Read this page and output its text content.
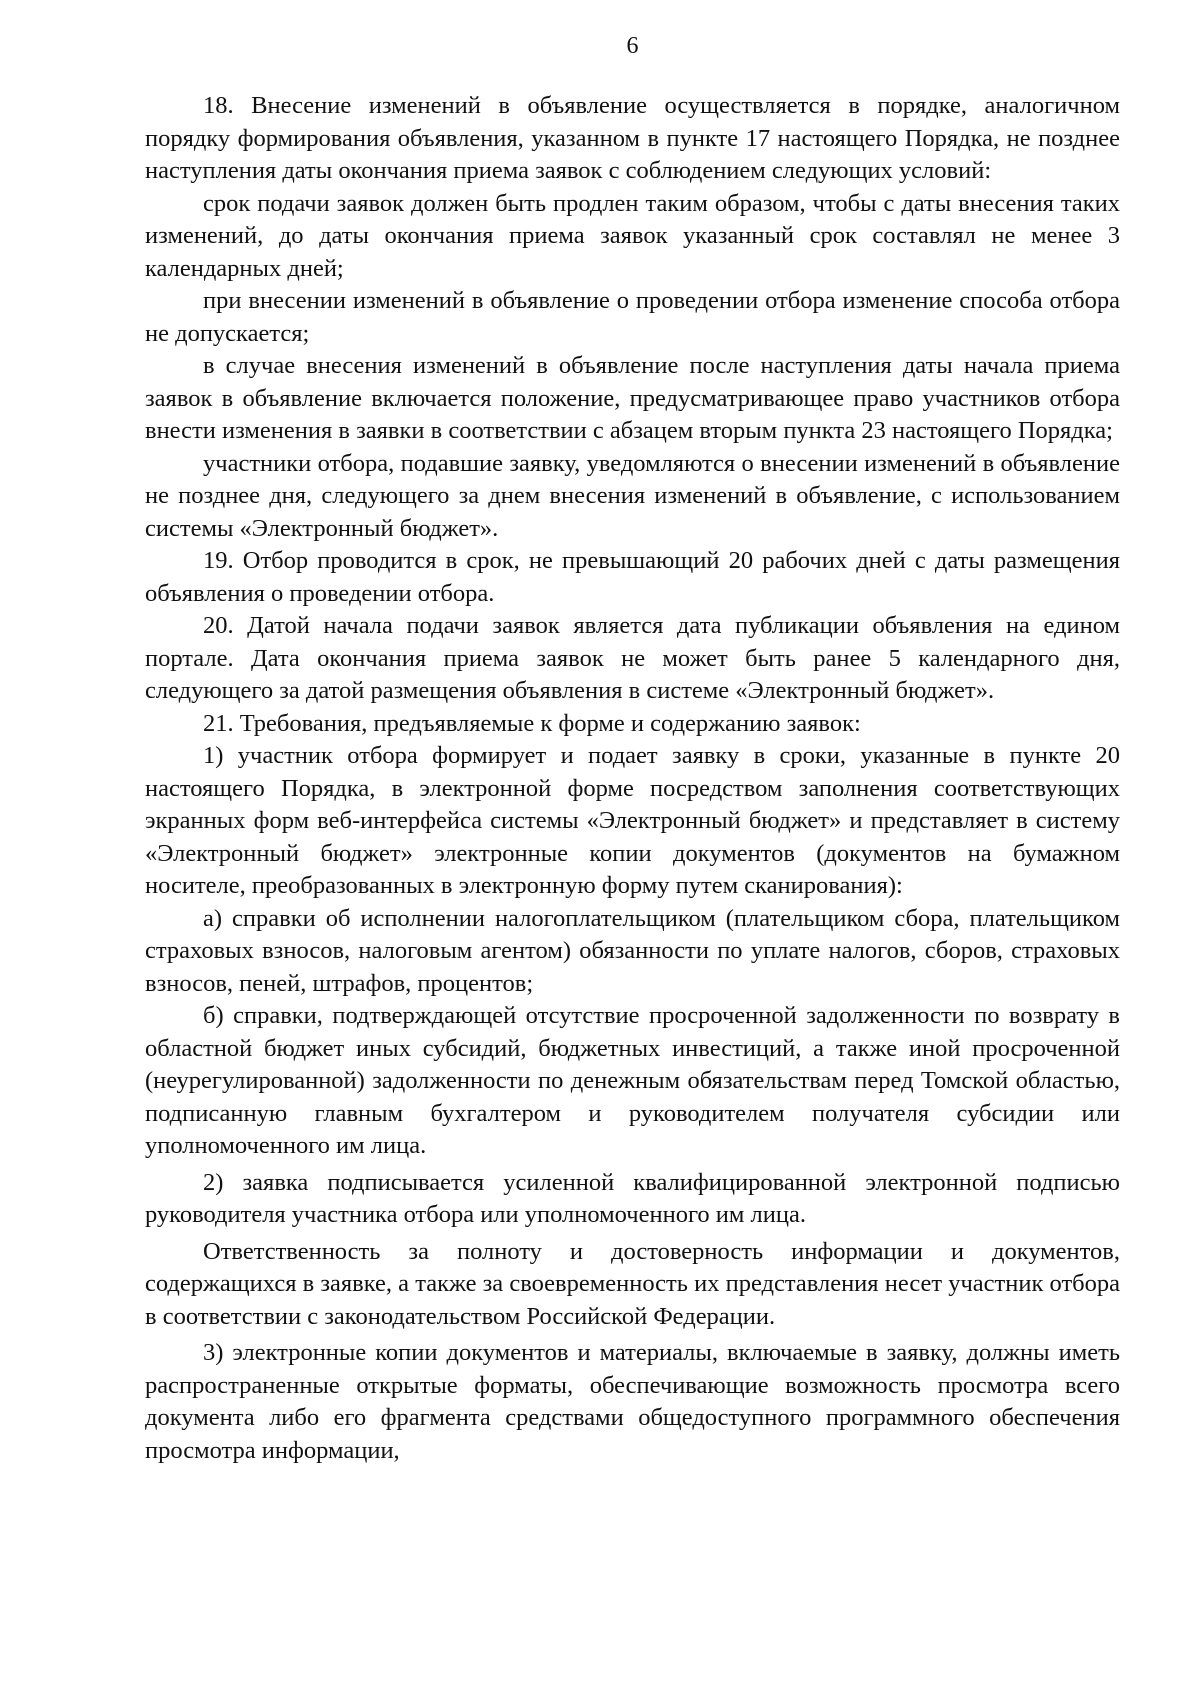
6

18. Внесение изменений в объявление осуществляется в порядке, аналогичном порядку формирования объявления, указанном в пункте 17 настоящего Порядка, не позднее наступления даты окончания приема заявок с соблюдением следующих условий:

срок подачи заявок должен быть продлен таким образом, чтобы с даты внесения таких изменений, до даты окончания приема заявок указанный срок составлял не менее 3 календарных дней;

при внесении изменений в объявление о проведении отбора изменение способа отбора не допускается;

в случае внесения изменений в объявление после наступления даты начала приема заявок в объявление включается положение, предусматривающее право участников отбора внести изменения в заявки в соответствии с абзацем вторым пункта 23 настоящего Порядка;

участники отбора, подавшие заявку, уведомляются о внесении изменений в объявление не позднее дня, следующего за днем внесения изменений в объявление, с использованием системы «Электронный бюджет».

19. Отбор проводится в срок, не превышающий 20 рабочих дней с даты размещения объявления о проведении отбора.

20. Датой начала подачи заявок является дата публикации объявления на едином портале. Дата окончания приема заявок не может быть ранее 5 календарного дня, следующего за датой размещения объявления в системе «Электронный бюджет».

21. Требования, предъявляемые к форме и содержанию заявок:

1) участник отбора формирует и подает заявку в сроки, указанные в пункте 20 настоящего Порядка, в электронной форме посредством заполнения соответствующих экранных форм веб-интерфейса системы «Электронный бюджет» и представляет в систему «Электронный бюджет» электронные копии документов (документов на бумажном носителе, преобразованных в электронную форму путем сканирования):

а) справки об исполнении налогоплательщиком (плательщиком сбора, плательщиком страховых взносов, налоговым агентом) обязанности по уплате налогов, сборов, страховых взносов, пеней, штрафов, процентов;

б) справки, подтверждающей отсутствие просроченной задолженности по возврату в областной бюджет иных субсидий, бюджетных инвестиций, а также иной просроченной (неурегулированной) задолженности по денежным обязательствам перед Томской областью, подписанную главным бухгалтером и руководителем получателя субсидии или уполномоченного им лица.

2) заявка подписывается усиленной квалифицированной электронной подписью руководителя участника отбора или уполномоченного им лица.

Ответственность за полноту и достоверность информации и документов, содержащихся в заявке, а также за своевременность их представления несет участник отбора в соответствии с законодательством Российской Федерации.

3) электронные копии документов и материалы, включаемые в заявку, должны иметь распространенные открытые форматы, обеспечивающие возможность просмотра всего документа либо его фрагмента средствами общедоступного программного обеспечения просмотра информации,
